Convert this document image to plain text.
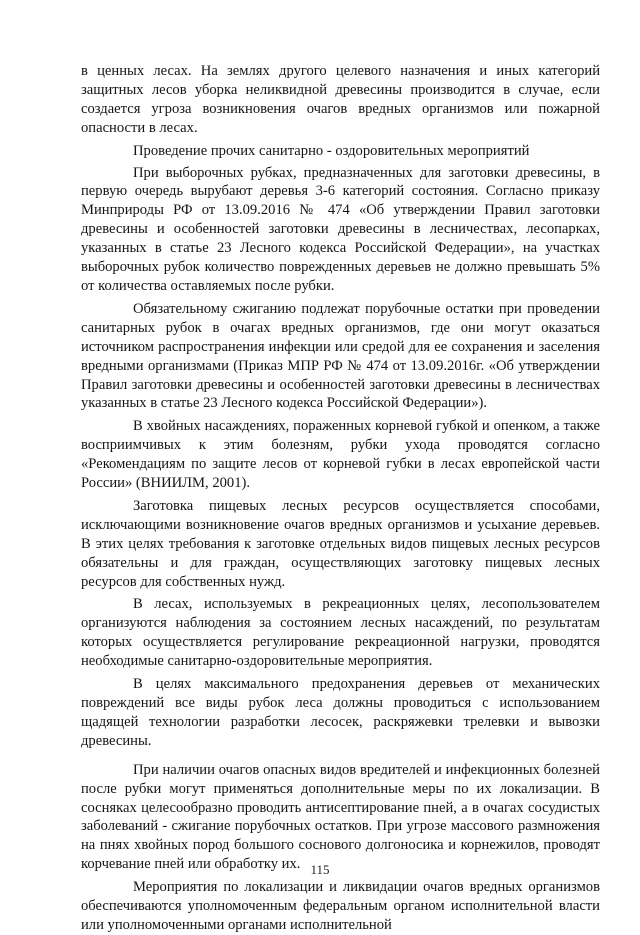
в ценных лесах. На землях другого целевого назначения и иных категорий защитных лесов уборка неликвидной древесины производится в случае, если создается угроза возникновения очагов вредных организмов или пожарной опасности в лесах.

Проведение прочих санитарно - оздоровительных мероприятий

При выборочных рубках, предназначенных для заготовки древесины, в первую очередь вырубают деревья 3-6 категорий состояния. Согласно приказу Минприроды РФ от 13.09.2016 № 474 «Об утверждении Правил заготовки древесины и особенностей заготовки древесины в лесничествах, лесопарках, указанных в статье 23 Лесного кодекса Российской Федерации», на участках выборочных рубок количество поврежденных деревьев не должно превышать 5% от количества оставляемых после рубки.

Обязательному сжиганию подлежат порубочные остатки при проведении санитарных рубок в очагах вредных организмов, где они могут оказаться источником распространения инфекции или средой для ее сохранения и заселения вредными организмами (Приказ МПР РФ № 474 от 13.09.2016г. «Об утверждении Правил заготовки древесины и особенностей заготовки древесины в лесничествах указанных в статье 23 Лесного кодекса Российской Федерации»).

В хвойных насаждениях, пораженных корневой губкой и опенком, а также восприимчивых к этим болезням, рубки ухода проводятся согласно «Рекомендациям по защите лесов от корневой губки в лесах европейской части России» (ВНИИЛМ, 2001).

Заготовка пищевых лесных ресурсов осуществляется способами, исключающими возникновение очагов вредных организмов и усыхание деревьев. В этих целях требования к заготовке отдельных видов пищевых лесных ресурсов обязательны и для граждан, осуществляющих заготовку пищевых лесных ресурсов для собственных нужд.

В лесах, используемых в рекреационных целях, лесопользователем организуются наблюдения за состоянием лесных насаждений, по результатам которых осуществляется регулирование рекреационной нагрузки, проводятся необходимые санитарно-оздоровительные мероприятия.

В целях максимального предохранения деревьев от механических повреждений все виды рубок леса должны проводиться с использованием щадящей технологии разработки лесосек, раскряжевки трелевки и вывозки древесины.

При наличии очагов опасных видов вредителей и инфекционных болезней после рубки могут применяться дополнительные меры по их локализации. В сосняках целесообразно проводить антисептирование пней, а в очагах сосудистых заболеваний - сжигание порубочных остатков. При угрозе массового размножения на пнях хвойных пород большого соснового долгоносика и корнежилов, проводят корчевание пней или обработку их.

Мероприятия по локализации и ликвидации очагов вредных организмов обеспечиваются уполномоченным федеральным органом исполнительной власти или уполномоченными органами исполнительной

115
